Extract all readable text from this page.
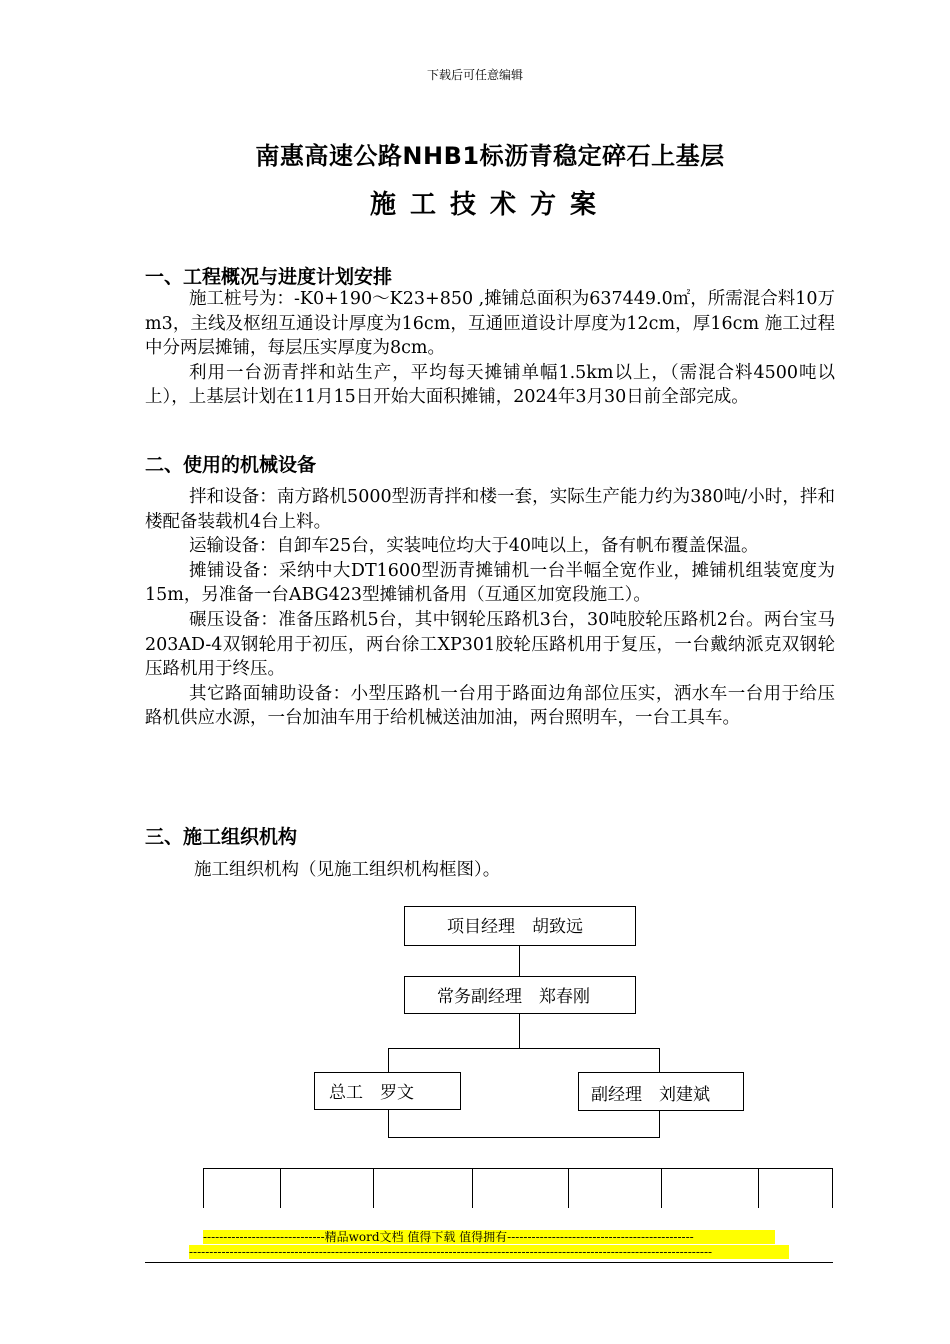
下载后可任意编辑
南惠高速公路NHB1标沥青稳定碎石上基层
施工技术方案
一、工程概况与进度计划安排

施工桩号为：-K0+190～K23+850 ,摊铺总面积为637449.0㎡，所需混合料10万m3，主线及枢纽互通设计厚度为16cm，互通匝道设计厚度为12cm，厚16cm 施工过程中分两层摊铺，每层压实厚度为8cm。

利用一台沥青拌和站生产，平均每天摊铺单幅1.5km以上，（需混合料4500吨以上），上基层计划在11月15日开始大面积摊铺，2024年3月30日前全部完成。

二、使用的机械设备

拌和设备：南方路机5000型沥青拌和楼一套，实际生产能力约为380吨/小时，拌和楼配备装载机4台上料。

运输设备：自卸车25台，实装吨位均大于40吨以上，备有帆布覆盖保温。

摊铺设备：采纳中大DT1600型沥青摊铺机一台半幅全宽作业，摊铺机组装宽度为15m，另准备一台ABG423型摊铺机备用（互通区加宽段施工）。

碾压设备：准备压路机5台，其中钢轮压路机3台，30吨胶轮压路机2台。两台宝马203AD-4双钢轮用于初压，两台徐工XP301胶轮压路机用于复压，一台戴纳派克双钢轮压路机用于终压。

其它路面辅助设备：小型压路机一台用于路面边角部位压实，洒水车一台用于给压路机供应水源，一台加油车用于给机械送油加油，两台照明车，一台工具车。

三、施工组织机构

施工组织机构（见施工组织机构框图）。

项目经理　胡致远
常务副经理　郑春刚
总工　罗文	副经理　刘建斌
------------------------------精品word文档 值得下载 值得拥有----------------------------------------------
---------------------------------------------------------------------------------------------------------------------------------
